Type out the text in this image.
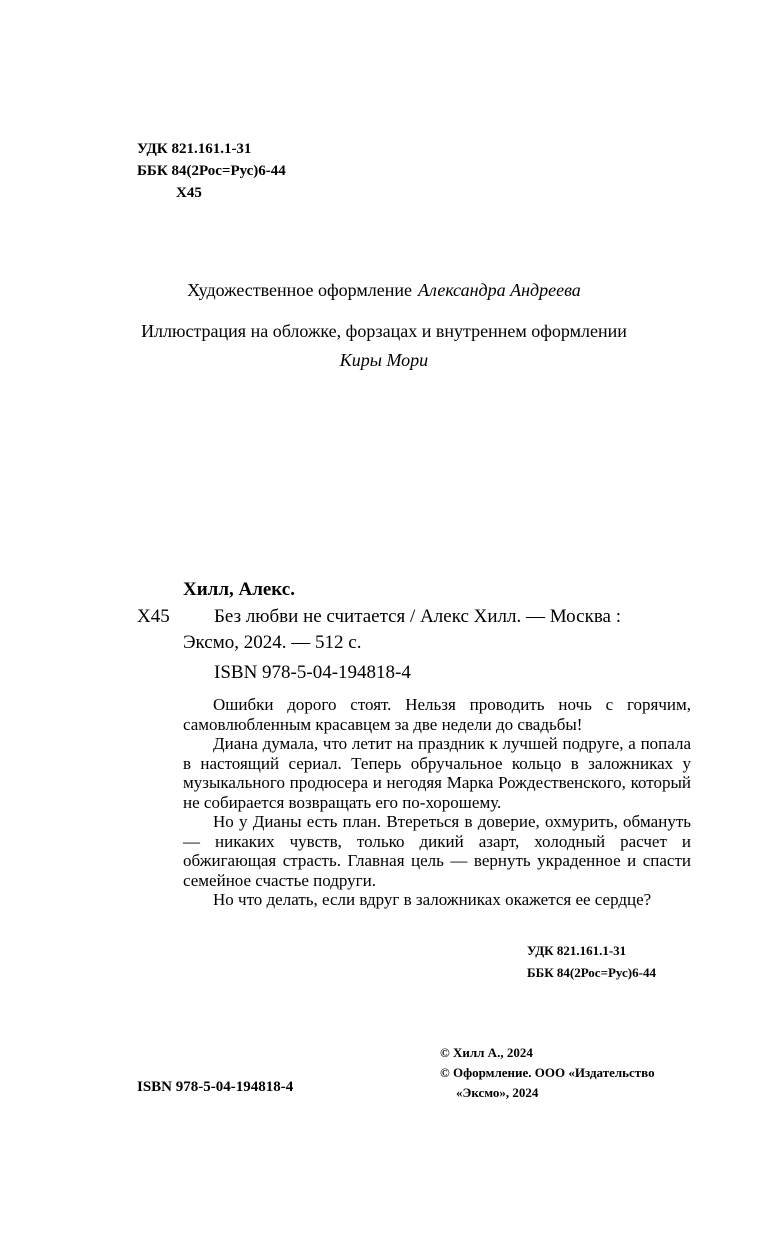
УДК 821.161.1-31
ББК 84(2Рос=Рус)6-44
Х45
Художественное оформление Александра Андреева
Иллюстрация на обложке, форзацах и внутреннем оформлении
Киры Мори
Хилл, Алекс.
Х45 Без любви не считается / Алекс Хилл. — Москва :
Эксмо, 2024. — 512 с.
ISBN 978-5-04-194818-4

Ошибки дорого стоят. Нельзя проводить ночь с горячим, самовлюбленным красавцем за две недели до свадьбы!

Диана думала, что летит на праздник к лучшей подруге, а попала в настоящий сериал. Теперь обручальное кольцо в заложниках у музыкального продюсера и негодяя Марка Рождественского, который не собирается возвращать его по-хорошему.

Но у Дианы есть план. Втереться в доверие, охмурить, обмануть — никаких чувств, только дикий азарт, холодный расчет и обжигающая страсть. Главная цель — вернуть украденное и спасти семейное счастье подруги.

Но что делать, если вдруг в заложниках окажется ее сердце?

УДК 821.161.1-31
ББК 84(2Рос=Рус)6-44
© Хилл А., 2024
© Оформление. ООО «Издательство
«Эксмо», 2024
ISBN 978-5-04-194818-4
